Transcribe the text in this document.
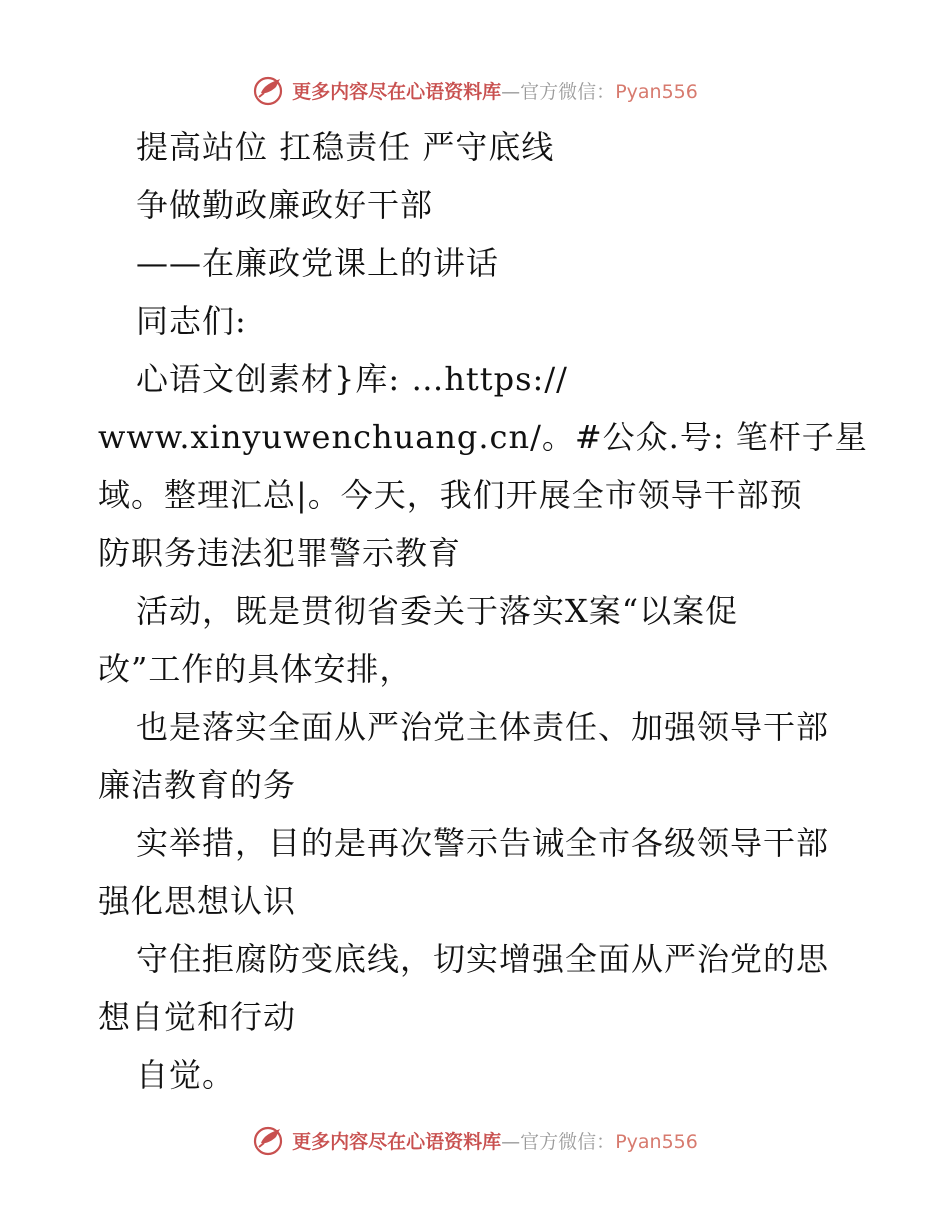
更多内容尽在心语资料库—官方微信：Pyan556
提高站位 扛稳责任 严守底线
争做勤政廉政好干部
——在廉政党课上的讲话
同志们:
心语文创素材}库: …https://
www.xinyuwenchuang.cn/。#公众.号: 笔杆子星
域。整理汇总|。今天，我们开展全市领导干部预
防职务违法犯罪警示教育
活动，既是贯彻省委关于落实X案“以案促
改”工作的具体安排，
也是落实全面从严治党主体责任、加强领导干部
廉洁教育的务
实举措，目的是再次警示告诫全市各级领导干部
强化思想认识
守住拒腐防变底线，切实增强全面从严治党的思
想自觉和行动
自觉。
更多内容尽在心语资料库—官方微信：Pyan556
